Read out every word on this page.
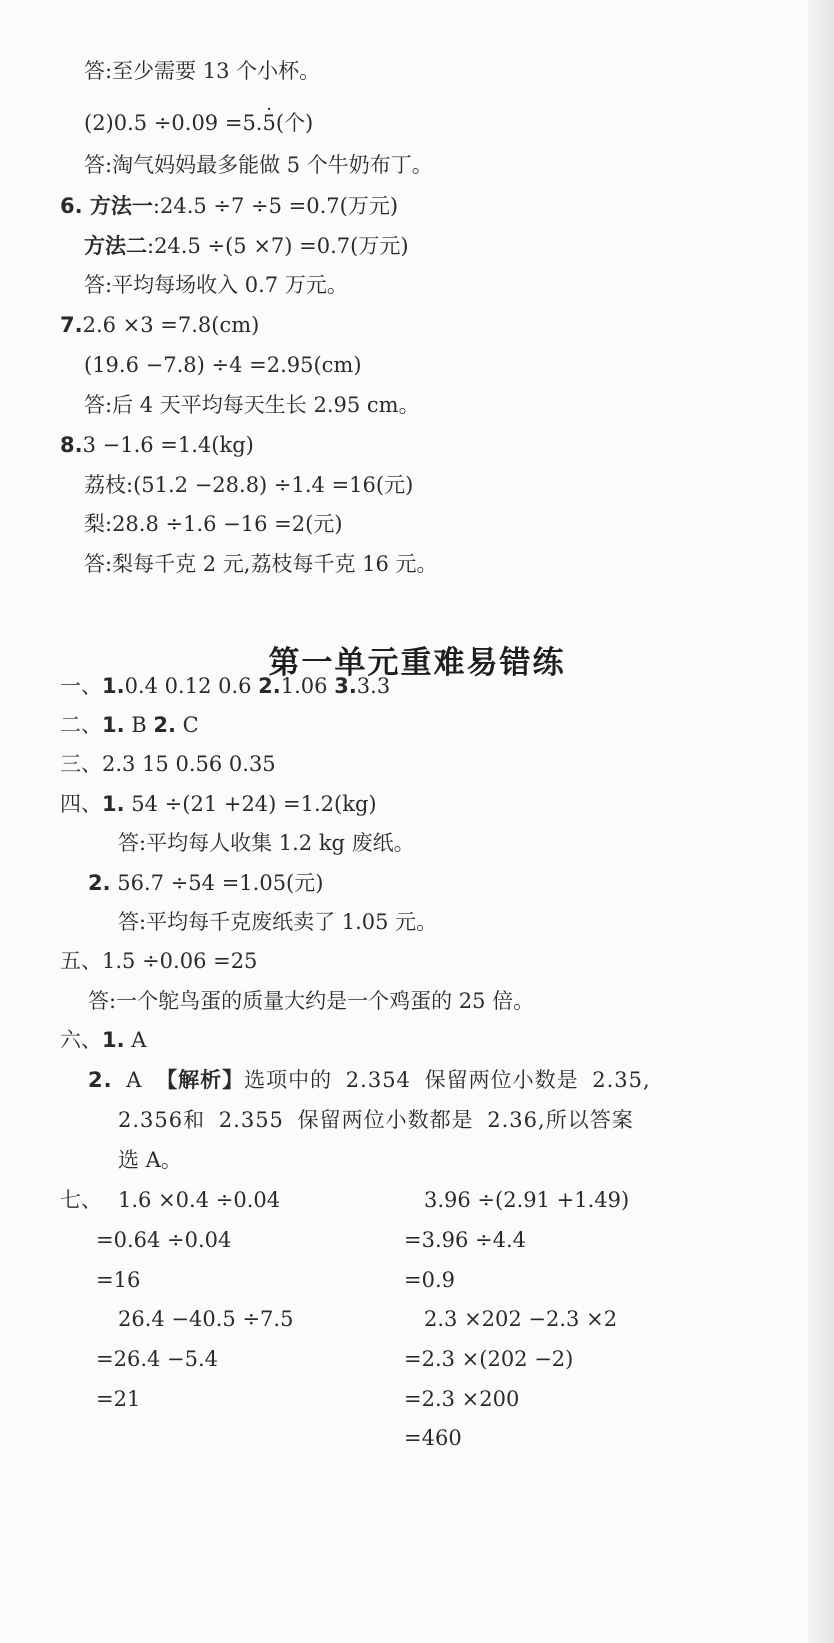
答:至少需要 13 个小杯。
(2)0.5 ÷0.09 =5.· 5(个)
答:淘气妈妈最多能做 5 个牛奶布丁。
6. 方法一:24.5 ÷7 ÷5 =0.7(万元)
方法二:24.5 ÷(5 ×7) =0.7(万元)
答:平均每场收入 0.7 万元。
7.2.6 ×3 =7.8(cm)
(19.6 −7.8) ÷4 =2.95(cm)
答:后 4 天平均每天生长 2.95 cm。
8.3 −1.6 =1.4(kg)
荔枝:(51.2 −28.8) ÷1.4 =16(元)
梨:28.8 ÷1.6 −16 =2(元)
答:梨每千克 2 元,荔枝每千克 16 元。
第一单元重难易错练
一、1.0.4 0.12 0.6 2.1.06 3.3.3
二、1. B 2. C
三、2.3 15 0.56 0.35
四、1. 54 ÷(21 +24) =1.2(kg)
答:平均每人收集 1.2 kg 废纸。
2. 56.7 ÷54 =1.05(元)
答:平均每千克废纸卖了 1.05 元。
五、1.5 ÷0.06 =25
答:一个鸵鸟蛋的质量大约是一个鸡蛋的 25 倍。
六、1. A
2. A 【解析】选项中的 2.354 保留两位小数是 2.35,
2.356和 2.355 保留两位小数都是 2.36,所以答案
选 A。
七、 1.6 ×0.4 ÷0.04
=0.64 ÷0.04
=16
26.4 −40.5 ÷7.5
=26.4 −5.4
=21
3.96 ÷(2.91 +1.49)
=3.96 ÷4.4
=0.9
2.3 ×202 −2.3 ×2
=2.3 ×(202 −2)
=2.3 ×200
=460
